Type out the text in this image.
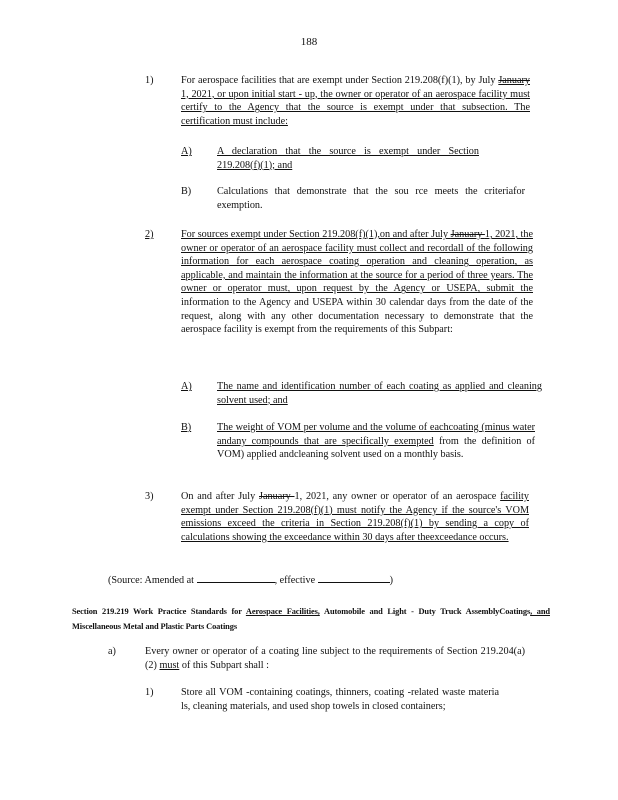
188
1)	For aerospace facilities that are exempt under Section 219.208(f)(1), by July January 1, 2021, or upon initial start - up, the owner or operator of an aerospace facility must certify to the Agency that the source is exempt under that subsection. The certification must include:
A) A declaration that the source is exempt under Section 219.208(f)(1); and
B)	Calculations that demonstrate that the sou rce meets the criteriafor exemption.
2)	For sources exempt under Section 219.208(f)(1),on and after July January 1, 2021, the owner or operator of an aerospace facility must collect and recordall of the following information for each aerospace coating operation and cleaning operation, as applicable, and maintain the information at the source for a period of three years. The owner or operator must, upon request by the Agency or USEPA, submit the information to the Agency and USEPA within 30 calendar days from the date of the request, along with any other documentation necessary to demonstrate that the aerospace facility is exempt from the requirements of this Subpart:
A) The name and identification number of each coating as applied and cleaning solvent used; and
B)	The weight of VOM per volume and the volume of eachcoating (minus water andany compounds that are specifically exempted from the definition of VOM) applied andcleaning solvent used on a monthly basis.
3)	On and after July January 1, 2021, any owner or operator of an aerospace facility exempt under Section 219.208(f)(1) must notify the Agency if the source's VOM emissions exceed the criteria in Section 219.208(f)(1) by sending a copy of calculations showing the exceedance within 30 days after theexceedance occurs.
(Source: Amended at	, effective	)
Section 219.219 Work Practice Standards for Aerospace Facilities, Automobile and Light - Duty Truck AssemblyCoatings, and Miscellaneous Metal and Plastic Parts Coatings
a)	Every owner or operator of a coating line subject to the requirements of Section 219.204(a)(2) must of this Subpart shall :
1)	Store all VOM -containing coatings, thinners, coating -related waste materia ls, cleaning materials, and used shop towels in closed containers;
